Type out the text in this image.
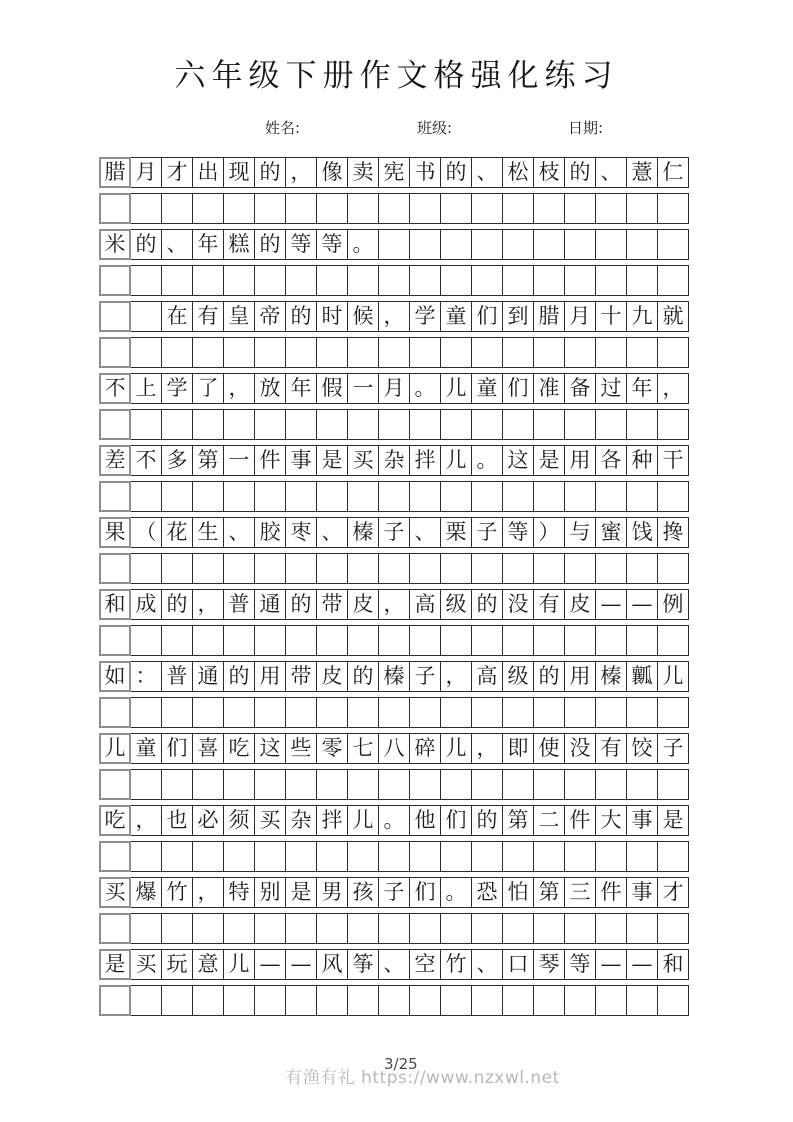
六年级下册作文格强化练习
姓名:	班级:	日期:
腊 月 才 出 现 的 ， 像 卖 宪 书 的 、 松 枝 的 、 薏 仁
米 的 、 年 糕 的 等 等 。
在 有 皇 帝 的 时 候 ， 学 童 们 到 腊 月 十 九 就
不 上 学 了 ， 放 年 假 一 月 。 儿 童 们 准 备 过 年 ，
差 不 多 第 一 件 事 是 买 杂 拌 儿 。 这 是 用 各 种 干
果 （ 花 生 、 胶 枣 、 榛 子 、 栗 子 等 ） 与 蜜 饯 搀
和 成 的 ， 普 通 的 带 皮 ， 高 级 的 没 有 皮 — — 例
如 ： 普 通 的 用 带 皮 的 榛 子 ， 高 级 的 用 榛 瓤 儿
儿 童 们 喜 吃 这 些 零 七 八 碎 儿 ， 即 使 没 有 饺 子
吃 ， 也 必 须 买 杂 拌 儿 。 他 们 的 第 二 件 大 事 是
买 爆 竹 ， 特 别 是 男 孩 子 们 。 恐 怕 第 三 件 事 才
是 买 玩 意 儿 — — 风 筝 、 空 竹 、 口 琴 等 — — 和
有渔有礼 https://www.nzxwl.net
3/25
